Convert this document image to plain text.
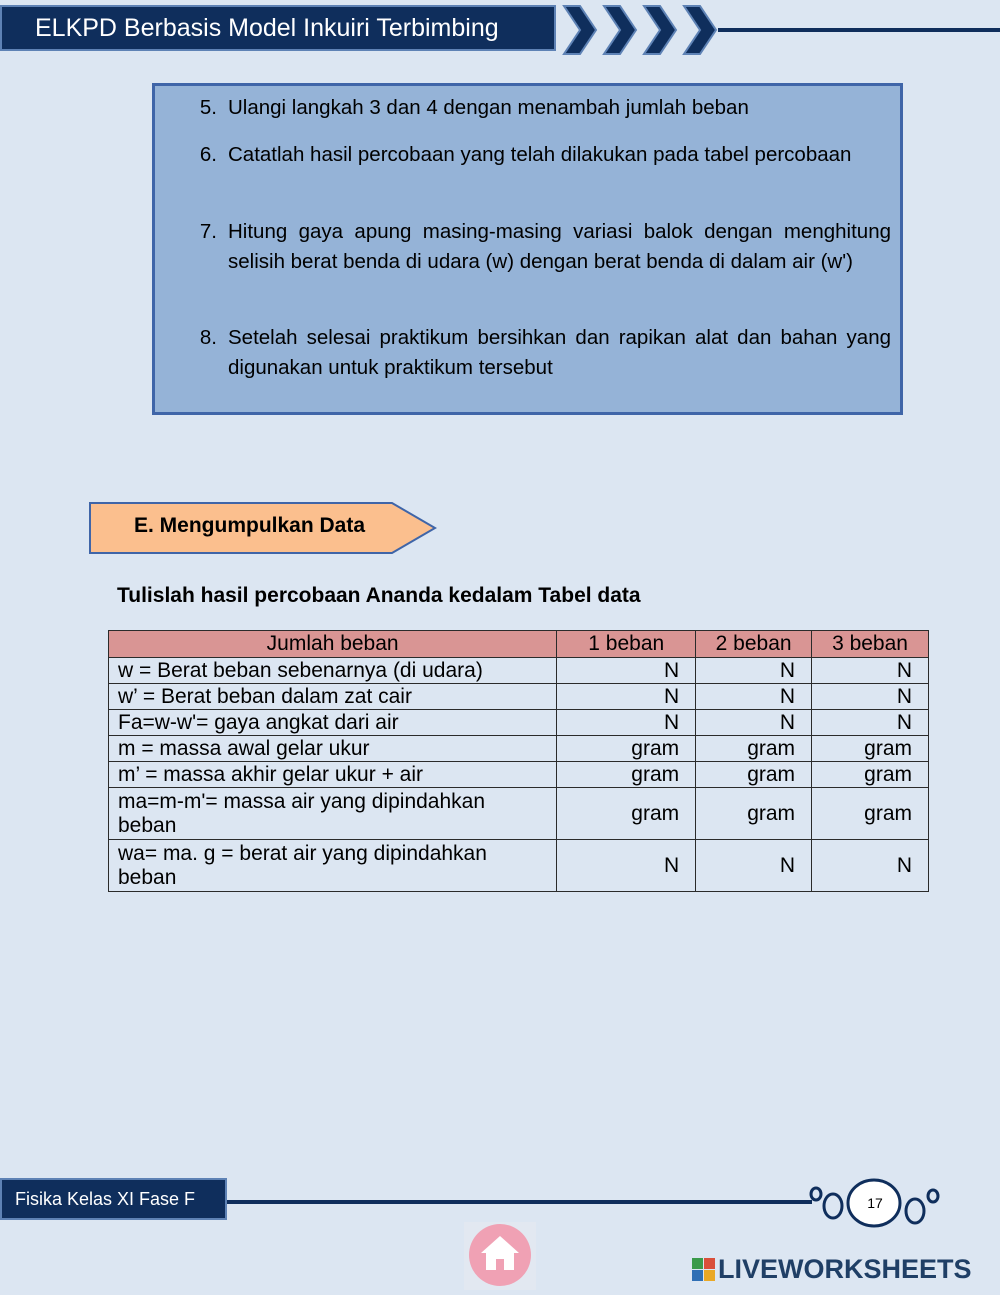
ELKPD Berbasis Model Inkuiri Terbimbing
5. Ulangi langkah 3 dan 4 dengan menambah jumlah beban
6. Catatlah hasil percobaan yang telah dilakukan pada tabel percobaan
7. Hitung gaya apung masing-masing variasi balok dengan menghitung selisih berat benda di udara (w) dengan berat benda di dalam air (w')
8. Setelah selesai praktikum bersihkan dan rapikan alat dan bahan yang digunakan untuk praktikum tersebut
E. Mengumpulkan Data
Tulislah hasil percobaan Ananda kedalam Tabel data
Jumlah beban	1 beban	2 beban	3 beban
w = Berat beban sebenarnya (di udara)	N	N	N
w’ = Berat beban dalam zat cair	N	N	N
Fa=w-w'= gaya angkat dari air	N	N	N
m = massa awal gelar ukur	gram	gram	gram
m’ = massa akhir gelar ukur + air	gram	gram	gram
ma=m-m'= massa air yang dipindahkan beban	gram	gram	gram
wa= ma. g = berat air yang dipindahkan beban	N	N	N
Fisika Kelas XI Fase F	17
LIVEWORKSHEETS
